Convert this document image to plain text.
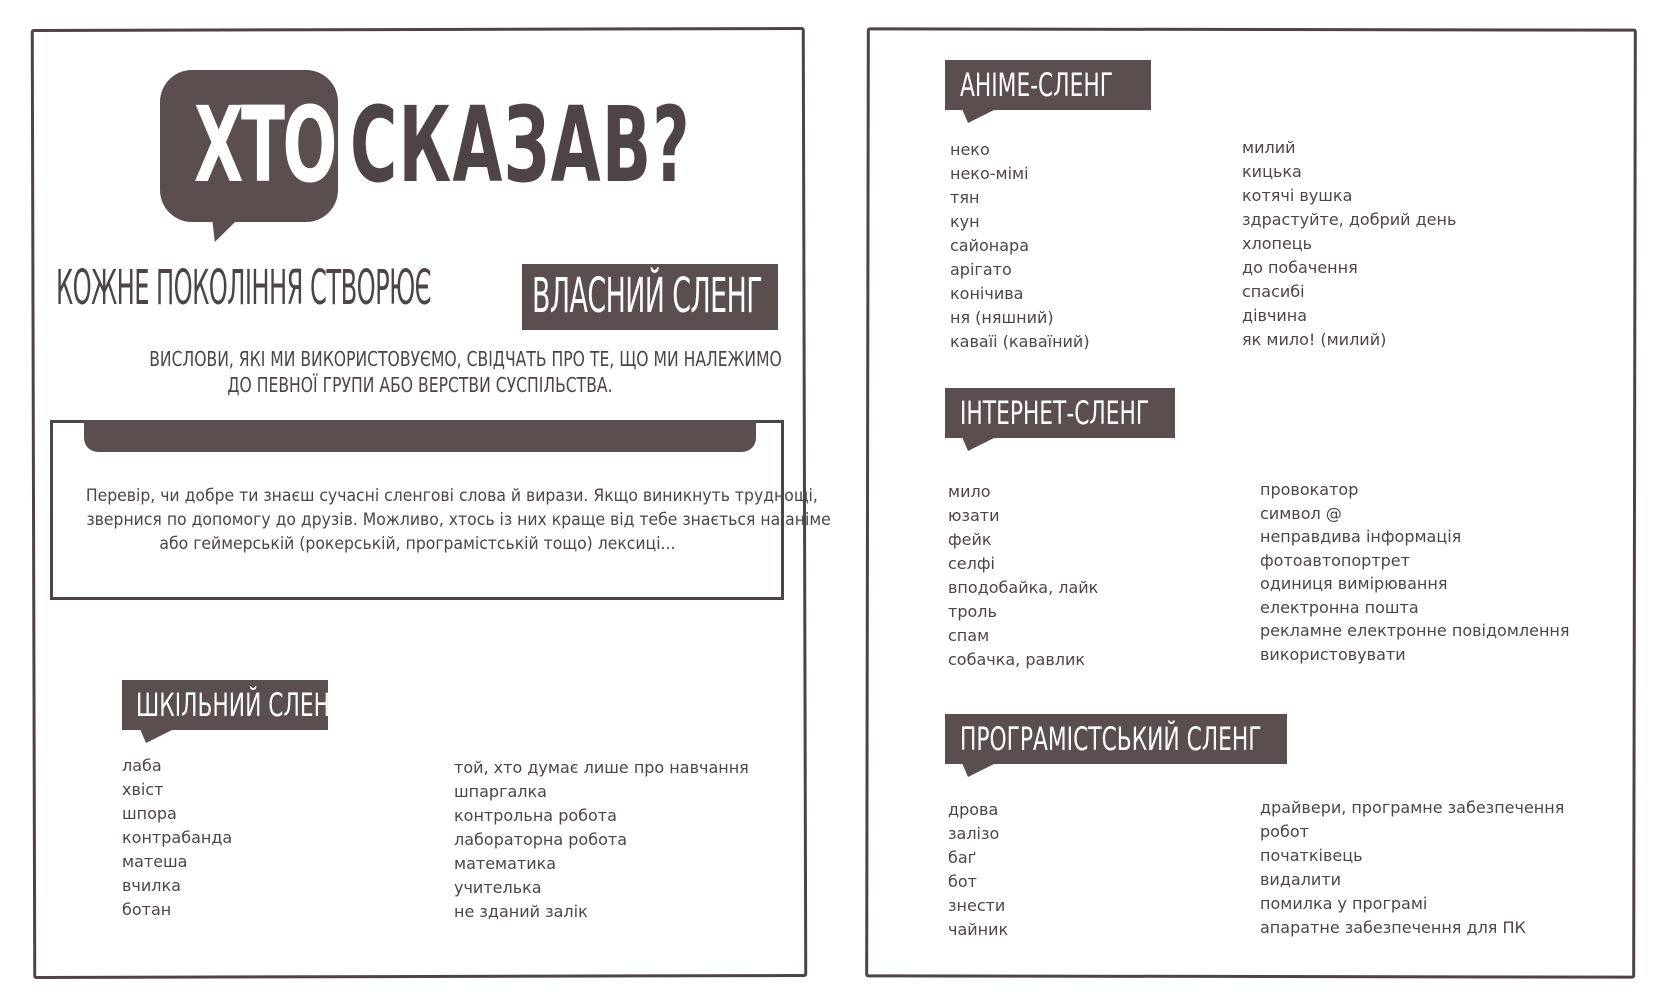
ХТО СКАЗАВ?
КОЖНЕ ПОКОЛІННЯ СТВОРЮЄ ВЛАСНИЙ СЛЕНГ
ВИСЛОВИ, ЯКІ МИ ВИКОРИСТОВУЄМО, СВІДЧАТЬ ПРО ТЕ, ЩО МИ НАЛЕЖИМО
ДО ПЕВНОЇ ГРУПИ АБО ВЕРСТВИ СУСПІЛЬСТВА.
Перевір, чи добре ти знаєш сучасні сленгові слова й вирази. Якщо виникнуть труднощі,
звернися по допомогу до друзів. Можливо, хтось із них краще від тебе знається на аніме
або геймерській (рокерській, програмістській тощо) лексиці...
ШКІЛЬНИЙ СЛЕНГ
лаба
хвіст
шпора
контрабанда
матеша
вчилка
ботан
той, хто думає лише про навчання
шпаргалка
контрольна робота
лабораторна робота
математика
учителька
не зданий залік
АНІМЕ-СЛЕНГ
ІНТЕРНЕТ-СЛЕНГ
ПРОГРАМІСТСЬКИЙ СЛЕНГ
неко
неко-мімі
тян
кун
сайонара
арігато
конічива
ня (няшний)
каваїі (каваїний)
милий
кицька
котячі вушка
здрастуйте, добрий день
хлопець
до побачення
спасибі
дівчина
як мило! (милий)
мило
юзати
фейк
селфі
вподобайка, лайк
троль
спам
собачка, равлик
провокатор
символ @
неправдива інформація
фотоавтопортрет
одиниця вимірювання
електронна пошта
рекламне електронне повідомлення
використовувати
дрова
залізо
баґ
бот
знести
чайник
драйвери, програмне забезпечення
робот
початківець
видалити
помилка у програмі
апаратне забезпечення для ПК
